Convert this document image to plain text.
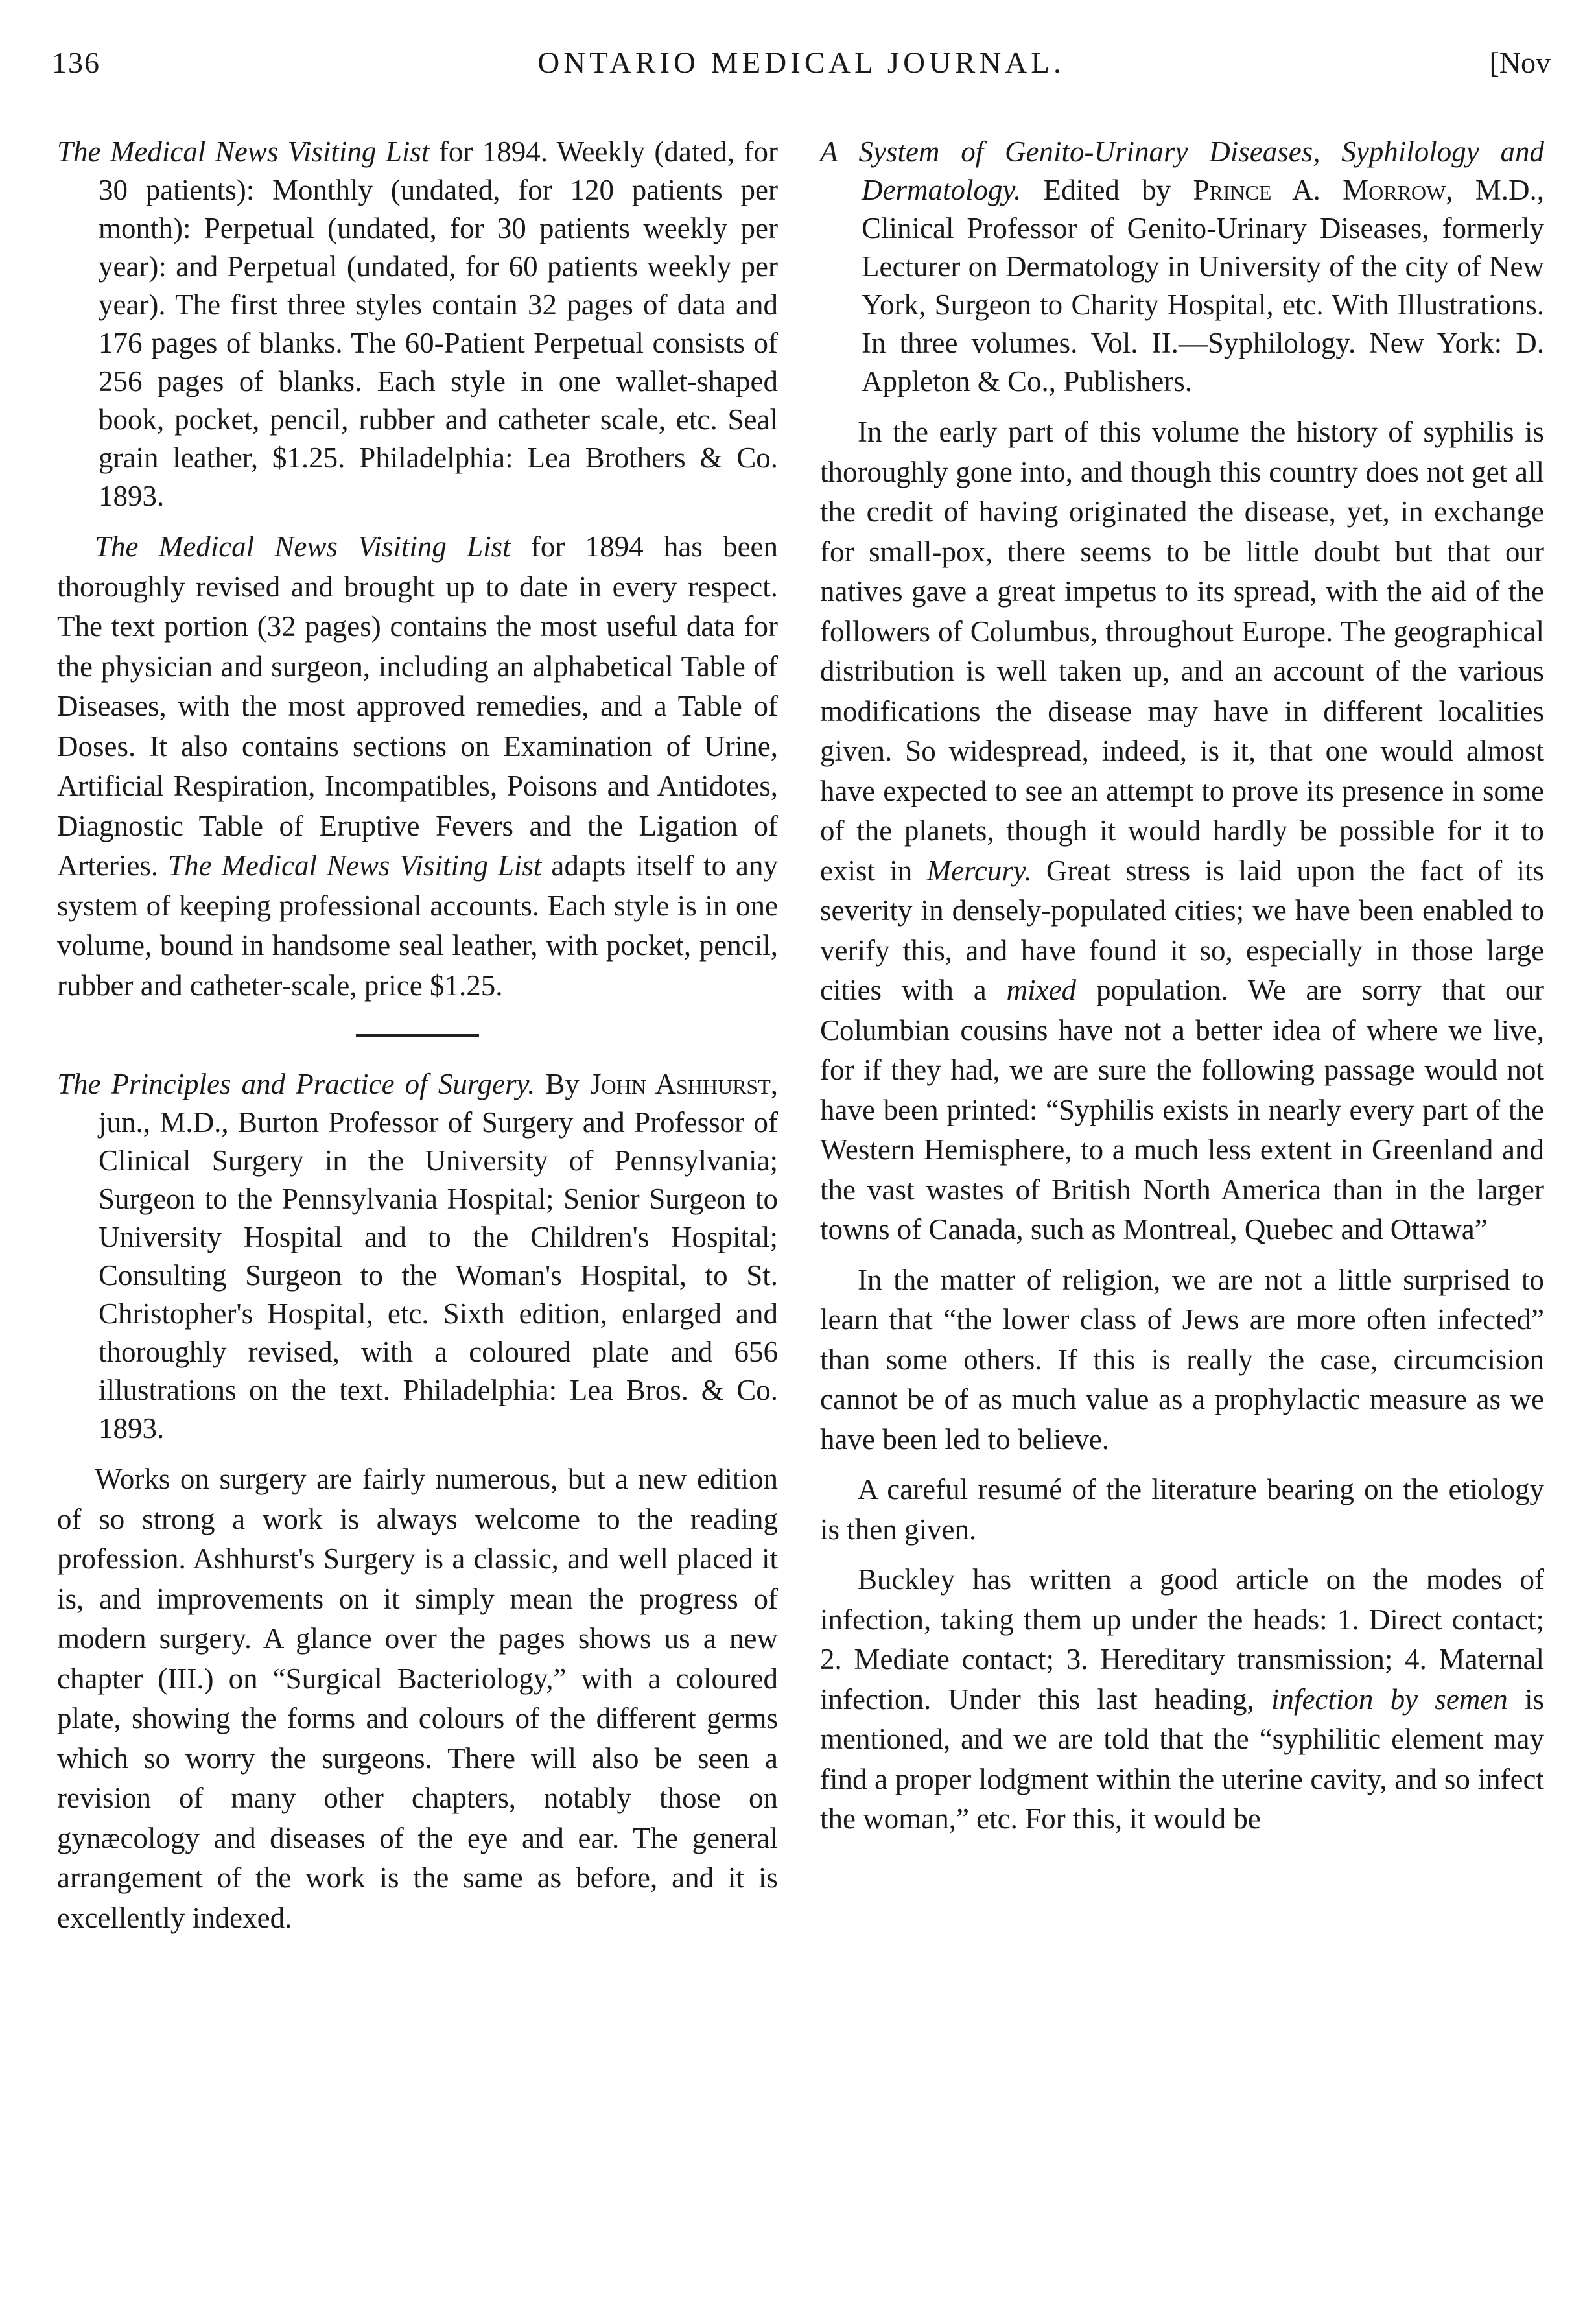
136	ONTARIO MEDICAL JOURNAL.	[Nov

The Medical News Visiting List for 1894. Weekly (dated, for 30 patients): Monthly (undated, for 120 patients per month): Perpetual (undated, for 30 patients weekly per year): and Perpetual (undated, for 60 patients weekly per year). The first three styles contain 32 pages of data and 176 pages of blanks. The 60-Patient Perpetual consists of 256 pages of blanks. Each style in one wallet-shaped book, pocket, pencil, rubber and catheter scale, etc. Seal grain leather, $1.25. Philadelphia: Lea Brothers & Co. 1893.

The Medical News Visiting List for 1894 has been thoroughly revised and brought up to date in every respect. The text portion (32 pages) contains the most useful data for the physician and surgeon, including an alphabetical Table of Diseases, with the most approved remedies, and a Table of Doses. It also contains sections on Examination of Urine, Artificial Respiration, Incompatibles, Poisons and Antidotes, Diagnostic Table of Eruptive Fevers and the Ligation of Arteries. The Medical News Visiting List adapts itself to any system of keeping professional accounts. Each style is in one volume, bound in handsome seal leather, with pocket, pencil, rubber and catheter-scale, price $1.25.

The Principles and Practice of Surgery. By John Ashhurst, jun., M.D., Burton Professor of Surgery and Professor of Clinical Surgery in the University of Pennsylvania; Surgeon to the Pennsylvania Hospital; Senior Surgeon to University Hospital and to the Children's Hospital; Consulting Surgeon to the Woman's Hospital, to St. Christopher's Hospital, etc. Sixth edition, enlarged and thoroughly revised, with a coloured plate and 656 illustrations on the text. Philadelphia: Lea Bros. & Co. 1893.

Works on surgery are fairly numerous, but a new edition of so strong a work is always welcome to the reading profession. Ashhurst's Surgery is a classic, and well placed it is, and improvements on it simply mean the progress of modern surgery. A glance over the pages shows us a new chapter (III.) on “Surgical Bacteriology,” with a coloured plate, showing the forms and colours of the different germs which so worry the surgeons. There will also be seen a revision of many other chapters, notably those on gynæcology and diseases of the eye and ear. The general arrangement of the work is the same as before, and it is excellently indexed.

A System of Genito-Urinary Diseases, Syphilology and Dermatology. Edited by Prince A. Morrow, M.D., Clinical Professor of Genito-Urinary Diseases, formerly Lecturer on Dermatology in University of the city of New York, Surgeon to Charity Hospital, etc. With Illustrations. In three volumes. Vol. II.—Syphilology. New York: D. Appleton & Co., Publishers.

In the early part of this volume the history of syphilis is thoroughly gone into, and though this country does not get all the credit of having originated the disease, yet, in exchange for small-pox, there seems to be little doubt but that our natives gave a great impetus to its spread, with the aid of the followers of Columbus, throughout Europe. The geographical distribution is well taken up, and an account of the various modifications the disease may have in different localities given. So widespread, indeed, is it, that one would almost have expected to see an attempt to prove its presence in some of the planets, though it would hardly be possible for it to exist in Mercury. Great stress is laid upon the fact of its severity in densely-populated cities; we have been enabled to verify this, and have found it so, especially in those large cities with a mixed population. We are sorry that our Columbian cousins have not a better idea of where we live, for if they had, we are sure the following passage would not have been printed: “Syphilis exists in nearly every part of the Western Hemisphere, to a much less extent in Greenland and the vast wastes of British North America than in the larger towns of Canada, such as Montreal, Quebec and Ottawa”

In the matter of religion, we are not a little surprised to learn that “the lower class of Jews are more often infected” than some others. If this is really the case, circumcision cannot be of as much value as a prophylactic measure as we have been led to believe.

A careful resumé of the literature bearing on the etiology is then given.

Buckley has written a good article on the modes of infection, taking them up under the heads: 1. Direct contact; 2. Mediate contact; 3. Hereditary transmission; 4. Maternal infection. Under this last heading, infection by semen is mentioned, and we are told that the “syphilitic element may find a proper lodgment within the uterine cavity, and so infect the woman,” etc. For this, it would be
